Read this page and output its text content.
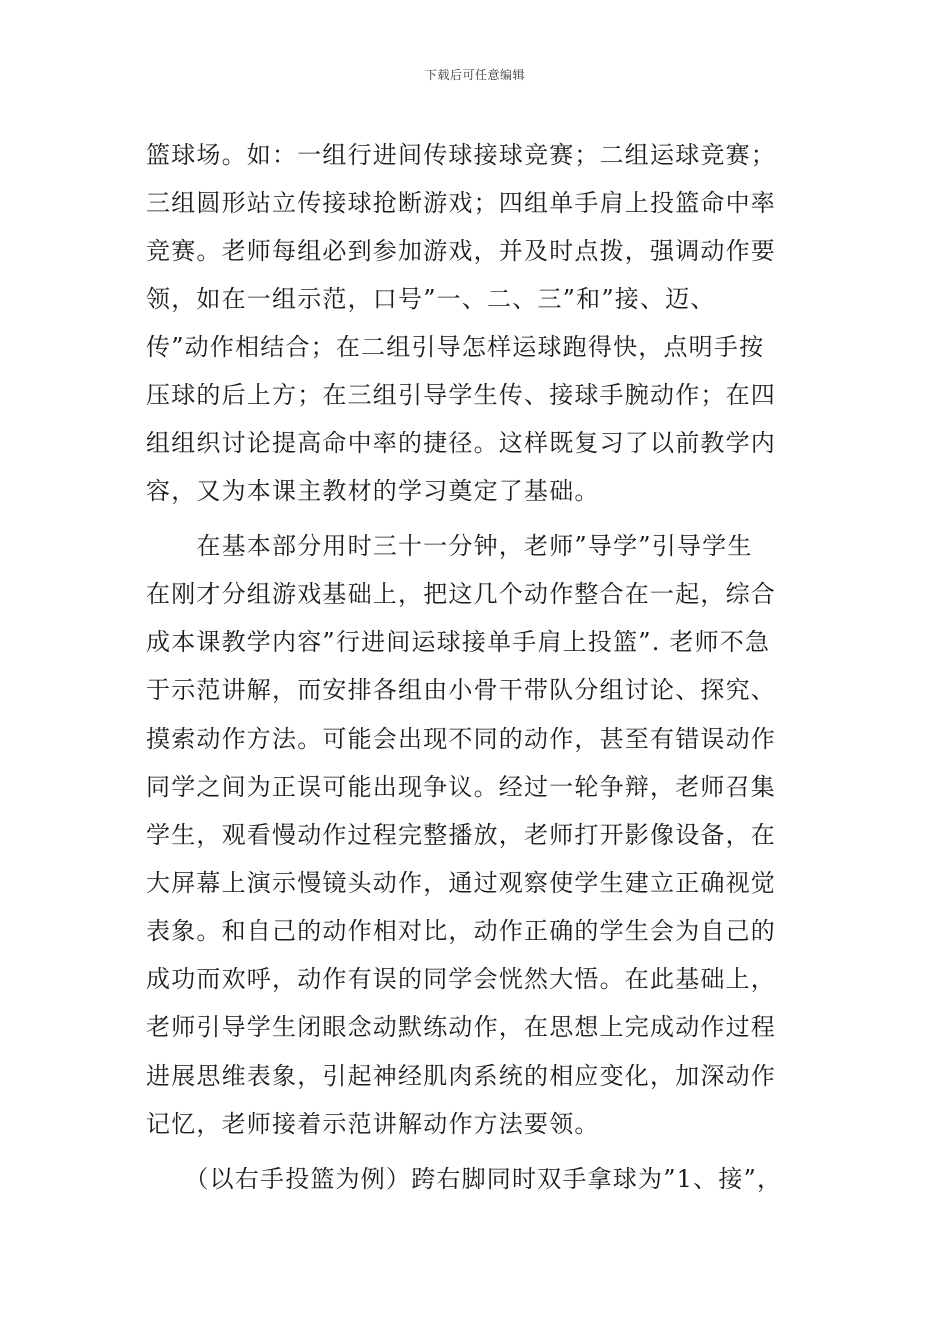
下载后可任意编辑
篮球场。如：一组行进间传球接球竞赛；二组运球竞赛；
三组圆形站立传接球抢断游戏；四组单手肩上投篮命中率
竞赛。老师每组必到参加游戏，并及时点拨，强调动作要
领，如在一组示范，口号”一、二、三”和”接、迈、
传”动作相结合；在二组引导怎样运球跑得快，点明手按
压球的后上方；在三组引导学生传、接球手腕动作；在四
组组织讨论提高命中率的捷径。这样既复习了以前教学内
容，又为本课主教材的学习奠定了基础。
　　在基本部分用时三十一分钟，老师”导学”引导学生
在刚才分组游戏基础上，把这几个动作整合在一起，综合
成本课教学内容”行进间运球接单手肩上投篮”. 老师不急
于示范讲解，而安排各组由小骨干带队分组讨论、探究、
摸索动作方法。可能会出现不同的动作，甚至有错误动作
同学之间为正误可能出现争议。经过一轮争辩，老师召集
学生，观看慢动作过程完整播放，老师打开影像设备，在
大屏幕上演示慢镜头动作，通过观察使学生建立正确视觉
表象。和自己的动作相对比，动作正确的学生会为自己的
成功而欢呼，动作有误的同学会恍然大悟。在此基础上，
老师引导学生闭眼念动默练动作，在思想上完成动作过程
进展思维表象，引起神经肌肉系统的相应变化，加深动作
记忆，老师接着示范讲解动作方法要领。
　　（以右手投篮为例）跨右脚同时双手拿球为”1、接”，
